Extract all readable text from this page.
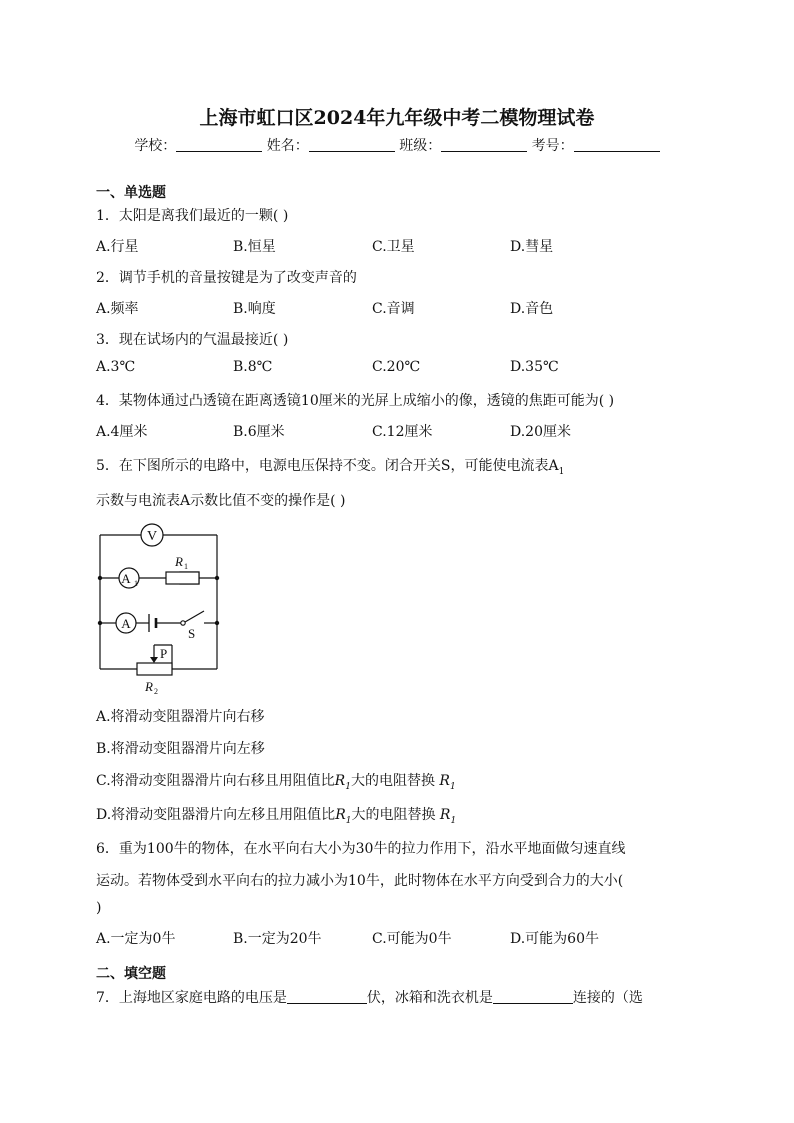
上海市虹口区2024年九年级中考二模物理试卷
学校：	姓名：	班级：	考号：
一、单选题
1．太阳是离我们最近的一颗( )
A.行星	B.恒星	C.卫星	D.彗星
2．调节手机的音量按键是为了改变声音的
A.频率	B.响度	C.音调	D.音色
3．现在试场内的气温最接近( )
A.3℃	B.8℃	C.20℃	D.35℃
4．某物体通过凸透镜在距离透镜10厘米的光屏上成缩小的像，透镜的焦距可能为( )
A.4厘米	B.6厘米	C.12厘米	D.20厘米
5．在下图所示的电路中，电源电压保持不变。闭合开关S，可能使电流表$A_1$
示数与电流表A示数比值不变的操作是( )
V
A 1
A
R 1
S
P
R 2
A.将滑动变阻器滑片向右移
B.将滑动变阻器滑片向左移
C.将滑动变阻器滑片向右移且用阻值比$R_1$大的电阻替换 $R_1$
D.将滑动变阻器滑片向左移且用阻值比$R_1$大的电阻替换 $R_1$
6．重为100牛的物体，在水平向右大小为30牛的拉力作用下，沿水平地面做匀速直线
运动。若物体受到水平向右的拉力减小为10牛，此时物体在水平方向受到合力的大小(
)
A.一定为0牛	B.一定为20牛	C.可能为0牛	D.可能为60牛
二、填空题
7．上海地区家庭电路的电压是	伏，冰箱和洗衣机是	连接的（选
